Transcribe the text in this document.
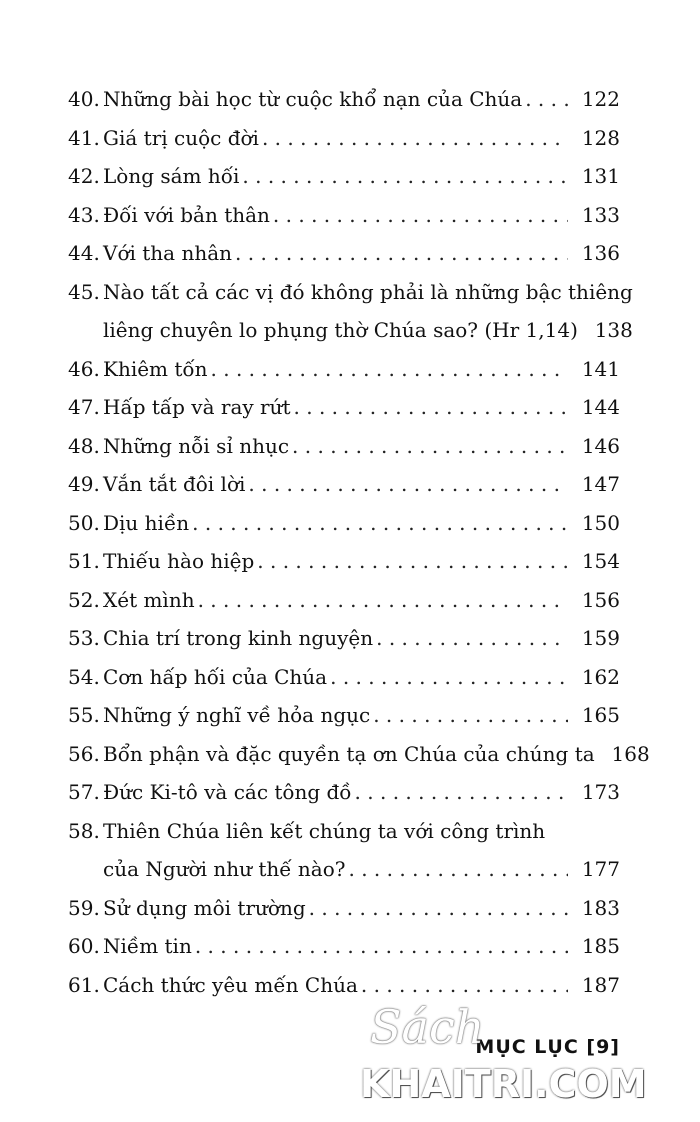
40. Những bài học từ cuộc khổ nạn của Chúa . . .	122
41. Giá trị cuộc đời . . .	128
42. Lòng sám hối . . .	131
43. Đối với bản thân . . .	133
44. Với tha nhân . . .	136
45. Nào tất cả các vị đó không phải là những bậc thiêng
liêng chuyên lo phụng thờ Chúa sao? (Hr 1,14) 138
46. Khiêm tốn . . .	141
47. Hấp tấp và ray rứt . . .	144
48. Những nỗi sỉ nhục . . .	146
49. Vắn tắt đôi lời . . .	147
50. Dịu hiền . . .	150
51. Thiếu hào hiệp . . .	154
52. Xét mình . . .	156
53. Chia trí trong kinh nguyện . . .	159
54. Cơn hấp hối của Chúa . . .	162
55. Những ý nghĩ về hỏa ngục . . .	165
56. Bổn phận và đặc quyền tạ ơn Chúa của chúng ta 168
57. Đức Ki-tô và các tông đồ . . .	173
58. Thiên Chúa liên kết chúng ta với công trình
của Người như thế nào? . . .	177
59. Sử dụng môi trường . . .	183
60. Niềm tin . . .	185
61. Cách thức yêu mến Chúa . . .	187
MỤC LỤC [9]
Sách
KHAITRI.COM
